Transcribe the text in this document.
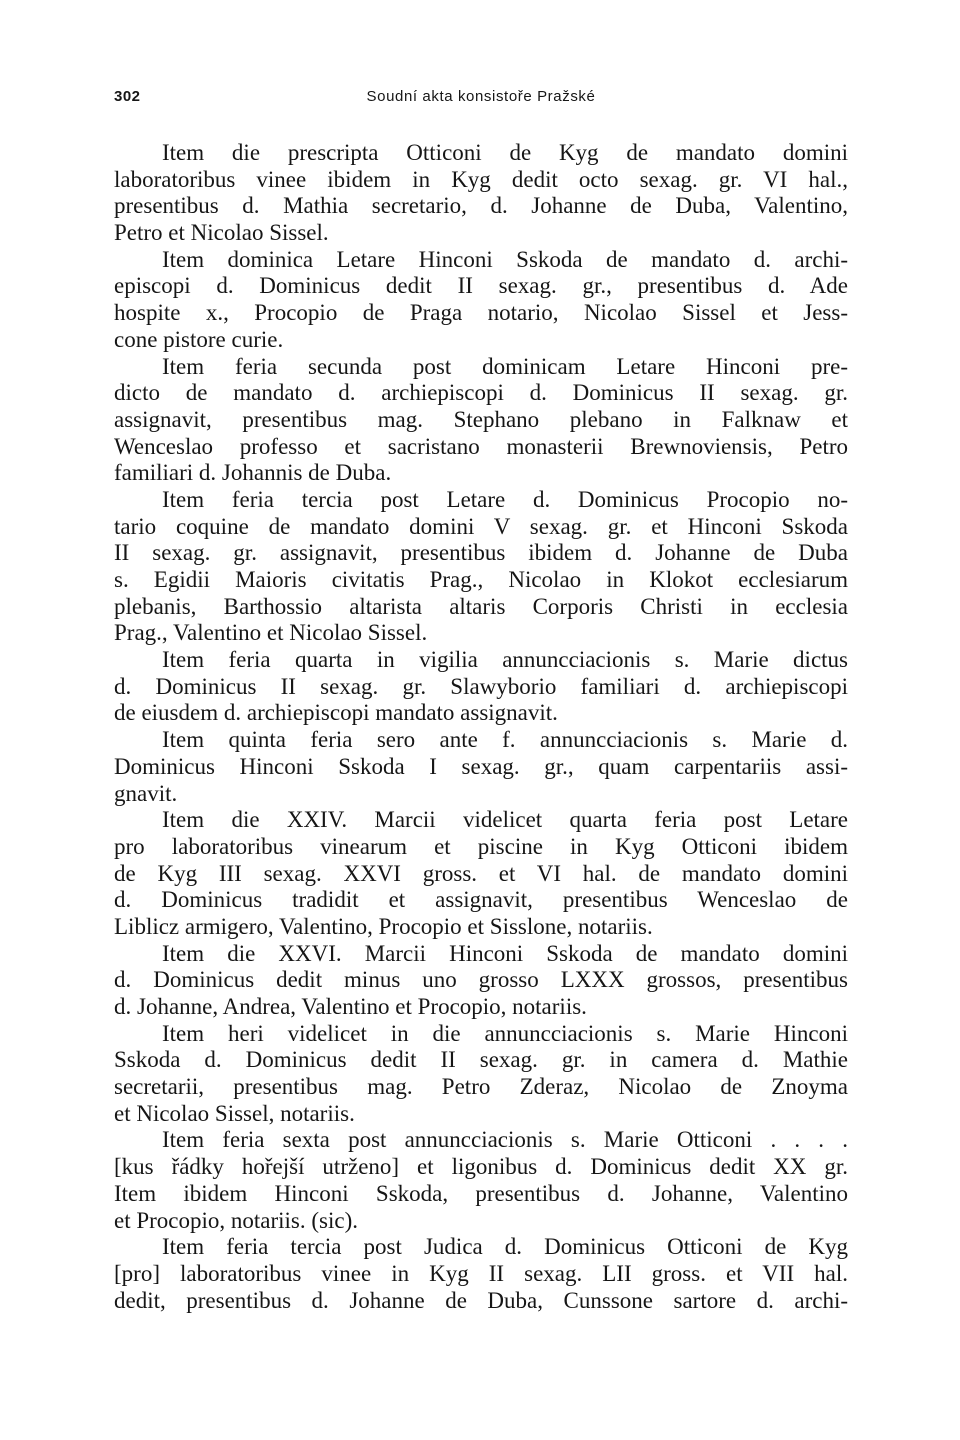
302	Soudní akta konsistoře Pražské
Item die prescripta Otticoni de Kyg de mandato domini
laboratoribus vinee ibidem in Kyg dedit octo sexag. gr. VI hal.,
presentibus d. Mathia secretario, d. Johanne de Duba, Valentino,
Petro et Nicolao Sissel.
Item dominica Letare Hinconi Sskoda de mandato d. archi-
episcopi d. Dominicus dedit II sexag. gr., presentibus d. Ade
hospite x., Procopio de Praga notario, Nicolao Sissel et Jess-
cone pistore curie.
Item feria secunda post dominicam Letare Hinconi pre-
dicto de mandato d. archiepiscopi d. Dominicus II sexag. gr.
assignavit, presentibus mag. Stephano plebano in Falknaw et
Wenceslao professo et sacristano monasterii Brewnoviensis, Petro
familiari d. Johannis de Duba.
Item feria tercia post Letare d. Dominicus Procopio no-
tario coquine de mandato domini V sexag. gr. et Hinconi Sskoda
II sexag. gr. assignavit, presentibus ibidem d. Johanne de Duba
s. Egidii Maioris civitatis Prag., Nicolao in Klokot ecclesiarum
plebanis, Barthossio altarista altaris Corporis Christi in ecclesia
Prag., Valentino et Nicolao Sissel.
Item feria quarta in vigilia annuncciacionis s. Marie dictus
d. Dominicus II sexag. gr. Slawyborio familiari d. archiepiscopi
de eiusdem d. archiepiscopi mandato assignavit.
Item quinta feria sero ante f. annuncciacionis s. Marie d.
Dominicus Hinconi Sskoda I sexag. gr., quam carpentariis assi-
gnavit.
Item die XXIV. Marcii videlicet quarta feria post Letare
pro laboratoribus vinearum et piscine in Kyg Otticoni ibidem
de Kyg III sexag. XXVI gross. et VI hal. de mandato domini
d. Dominicus tradidit et assignavit, presentibus Wenceslao de
Liblicz armigero, Valentino, Procopio et Sisslone, notariis.
Item die XXVI. Marcii Hinconi Sskoda de mandato domini
d. Dominicus dedit minus uno grosso LXXX grossos, presentibus
d. Johanne, Andrea, Valentino et Procopio, notariis.
Item heri videlicet in die annuncciacionis s. Marie Hinconi
Sskoda d. Dominicus dedit II sexag. gr. in camera d. Mathie
secretarii, presentibus mag. Petro Zderaz, Nicolao de Znoyma
et Nicolao Sissel, notariis.
Item feria sexta post annuncciacionis s. Marie Otticoni . . . .
[kus řádky hořejší utrženo] et ligonibus d. Dominicus dedit XX gr.
Item ibidem Hinconi Sskoda, presentibus d. Johanne, Valentino
et Procopio, notariis. (sic).
Item feria tercia post Judica d. Dominicus Otticoni de Kyg
[pro] laboratoribus vinee in Kyg II sexag. LII gross. et VII hal.
dedit, presentibus d. Johanne de Duba, Cunssone sartore d. archi-
